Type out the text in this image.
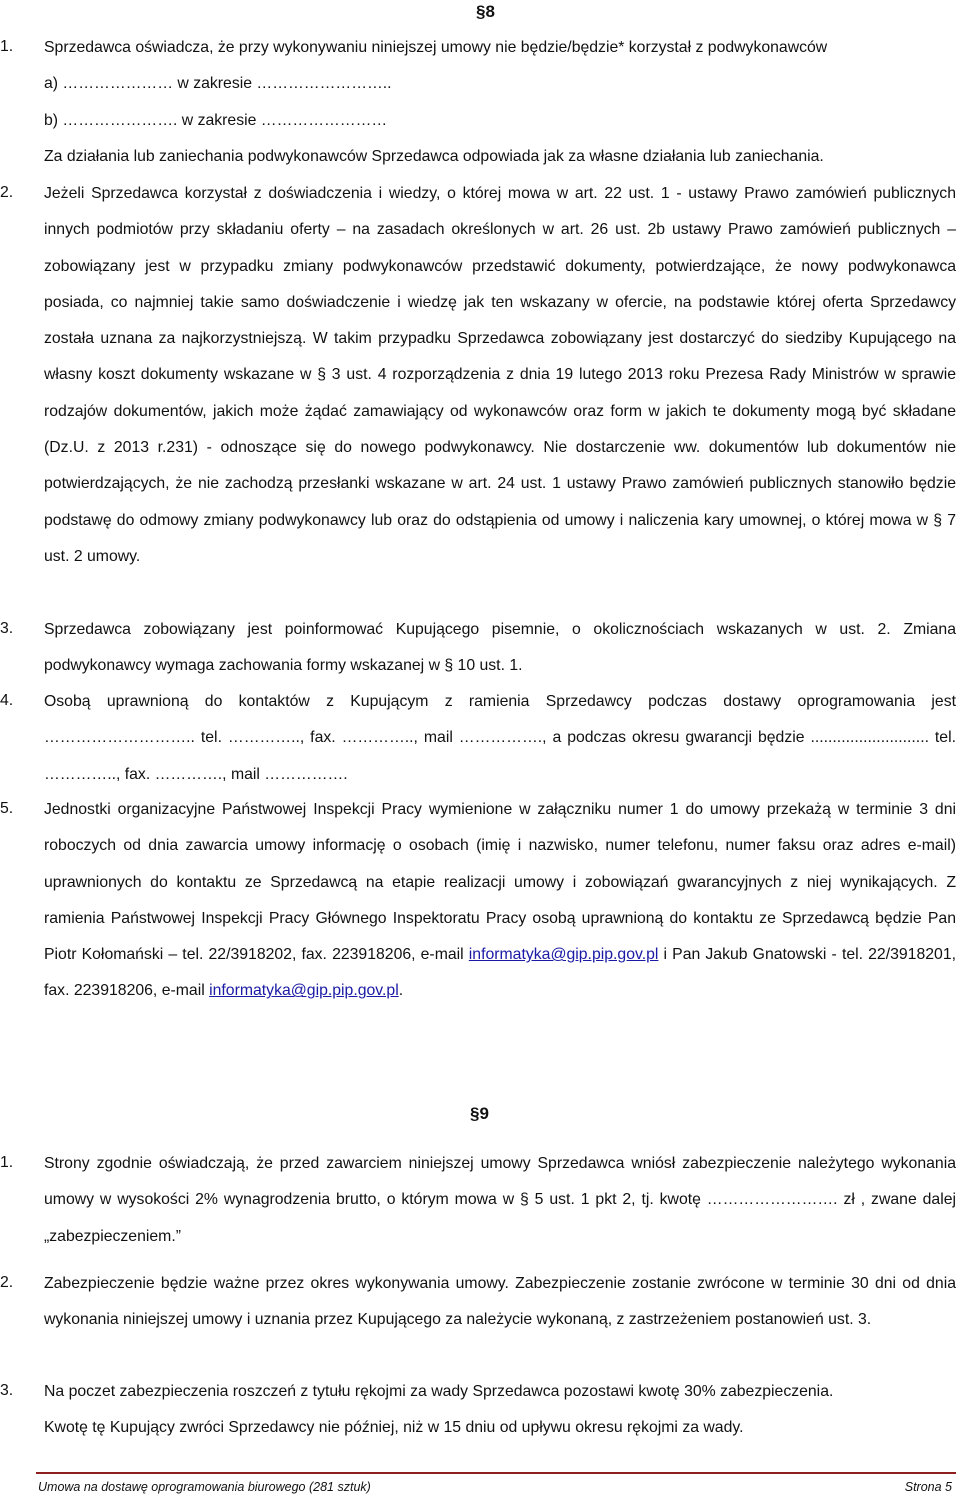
§8
1. Sprzedawca oświadcza, że przy wykonywaniu niniejszej umowy nie będzie/będzie* korzystał z podwykonawców

a) ………………… w zakresie ……………………..

b) …………………. w zakresie ……………………

Za działania lub zaniechania podwykonawców Sprzedawca odpowiada jak za własne działania lub zaniechania.

2. Jeżeli Sprzedawca korzystał z doświadczenia i wiedzy, o której mowa w art. 22 ust. 1 - ustawy Prawo zamówień publicznych innych podmiotów przy składaniu oferty – na zasadach określonych w art. 26 ust. 2b ustawy Prawo zamówień publicznych – zobowiązany jest w przypadku zmiany podwykonawców przedstawić dokumenty, potwierdzające, że nowy podwykonawca posiada, co najmniej takie samo doświadczenie i wiedzę jak ten wskazany w ofercie, na podstawie której oferta Sprzedawcy została uznana za najkorzystniejszą. W takim przypadku Sprzedawca zobowiązany jest dostarczyć do siedziby Kupującego na własny koszt dokumenty wskazane w § 3 ust. 4 rozporządzenia z dnia 19 lutego 2013 roku Prezesa Rady Ministrów w sprawie rodzajów dokumentów, jakich może żądać zamawiający od wykonawców oraz form w jakich te dokumenty mogą być składane (Dz.U. z 2013 r.231) - odnoszące się do nowego podwykonawcy. Nie dostarczenie ww. dokumentów lub dokumentów nie potwierdzających, że nie zachodzą przesłanki wskazane w art. 24 ust. 1 ustawy Prawo zamówień publicznych stanowiło będzie podstawę do odmowy zmiany podwykonawcy lub oraz do odstąpienia od umowy i naliczenia kary umownej, o której mowa w § 7 ust. 2 umowy.
3. Sprzedawca zobowiązany jest poinformować Kupującego pisemnie, o okolicznościach wskazanych w ust. 2. Zmiana podwykonawcy wymaga zachowania formy wskazanej w § 10 ust. 1.
4. Osobą uprawnioną do kontaktów z Kupującym z ramienia Sprzedawcy podczas dostawy oprogramowania jest ……………………….. tel. ………….., fax. ………….., mail ……………., a podczas okresu gwarancji będzie ........................... tel. ………….., fax. …………., mail …………….
5. Jednostki organizacyjne Państwowej Inspekcji Pracy wymienione w załączniku numer 1 do umowy przekażą w terminie 3 dni roboczych od dnia zawarcia umowy informację o osobach (imię i nazwisko, numer telefonu, numer faksu oraz adres e-mail) uprawnionych do kontaktu ze Sprzedawcą na etapie realizacji umowy i zobowiązań gwarancyjnych z niej wynikających. Z ramienia Państwowej Inspekcji Pracy Głównego Inspektoratu Pracy osobą uprawnioną do kontaktu ze Sprzedawcą będzie Pan Piotr Kołomański – tel. 22/3918202, fax. 223918206, e-mail informatyka@gip.pip.gov.pl i Pan Jakub Gnatowski - tel. 22/3918201, fax. 223918206, e-mail informatyka@gip.pip.gov.pl.
§9
1. Strony zgodnie oświadczają, że przed zawarciem niniejszej umowy Sprzedawca wniósł zabezpieczenie należytego wykonania umowy w wysokości 2% wynagrodzenia brutto, o którym mowa w § 5 ust. 1 pkt 2, tj. kwotę ……………………. zł , zwane dalej „zabezpieczeniem.”
2. Zabezpieczenie będzie ważne przez okres wykonywania umowy. Zabezpieczenie zostanie zwrócone w terminie 30 dni od dnia wykonania niniejszej umowy i uznania przez Kupującego za należycie wykonaną, z zastrzeżeniem postanowień ust. 3.
3. Na poczet zabezpieczenia roszczeń z tytułu rękojmi za wady Sprzedawca pozostawi kwotę 30% zabezpieczenia.

Kwotę tę Kupujący zwróci Sprzedawcy nie później, niż w 15 dniu od upływu okresu rękojmi za wady.

Umowa na dostawę oprogramowania biurowego (281 sztuk)	Strona 5
